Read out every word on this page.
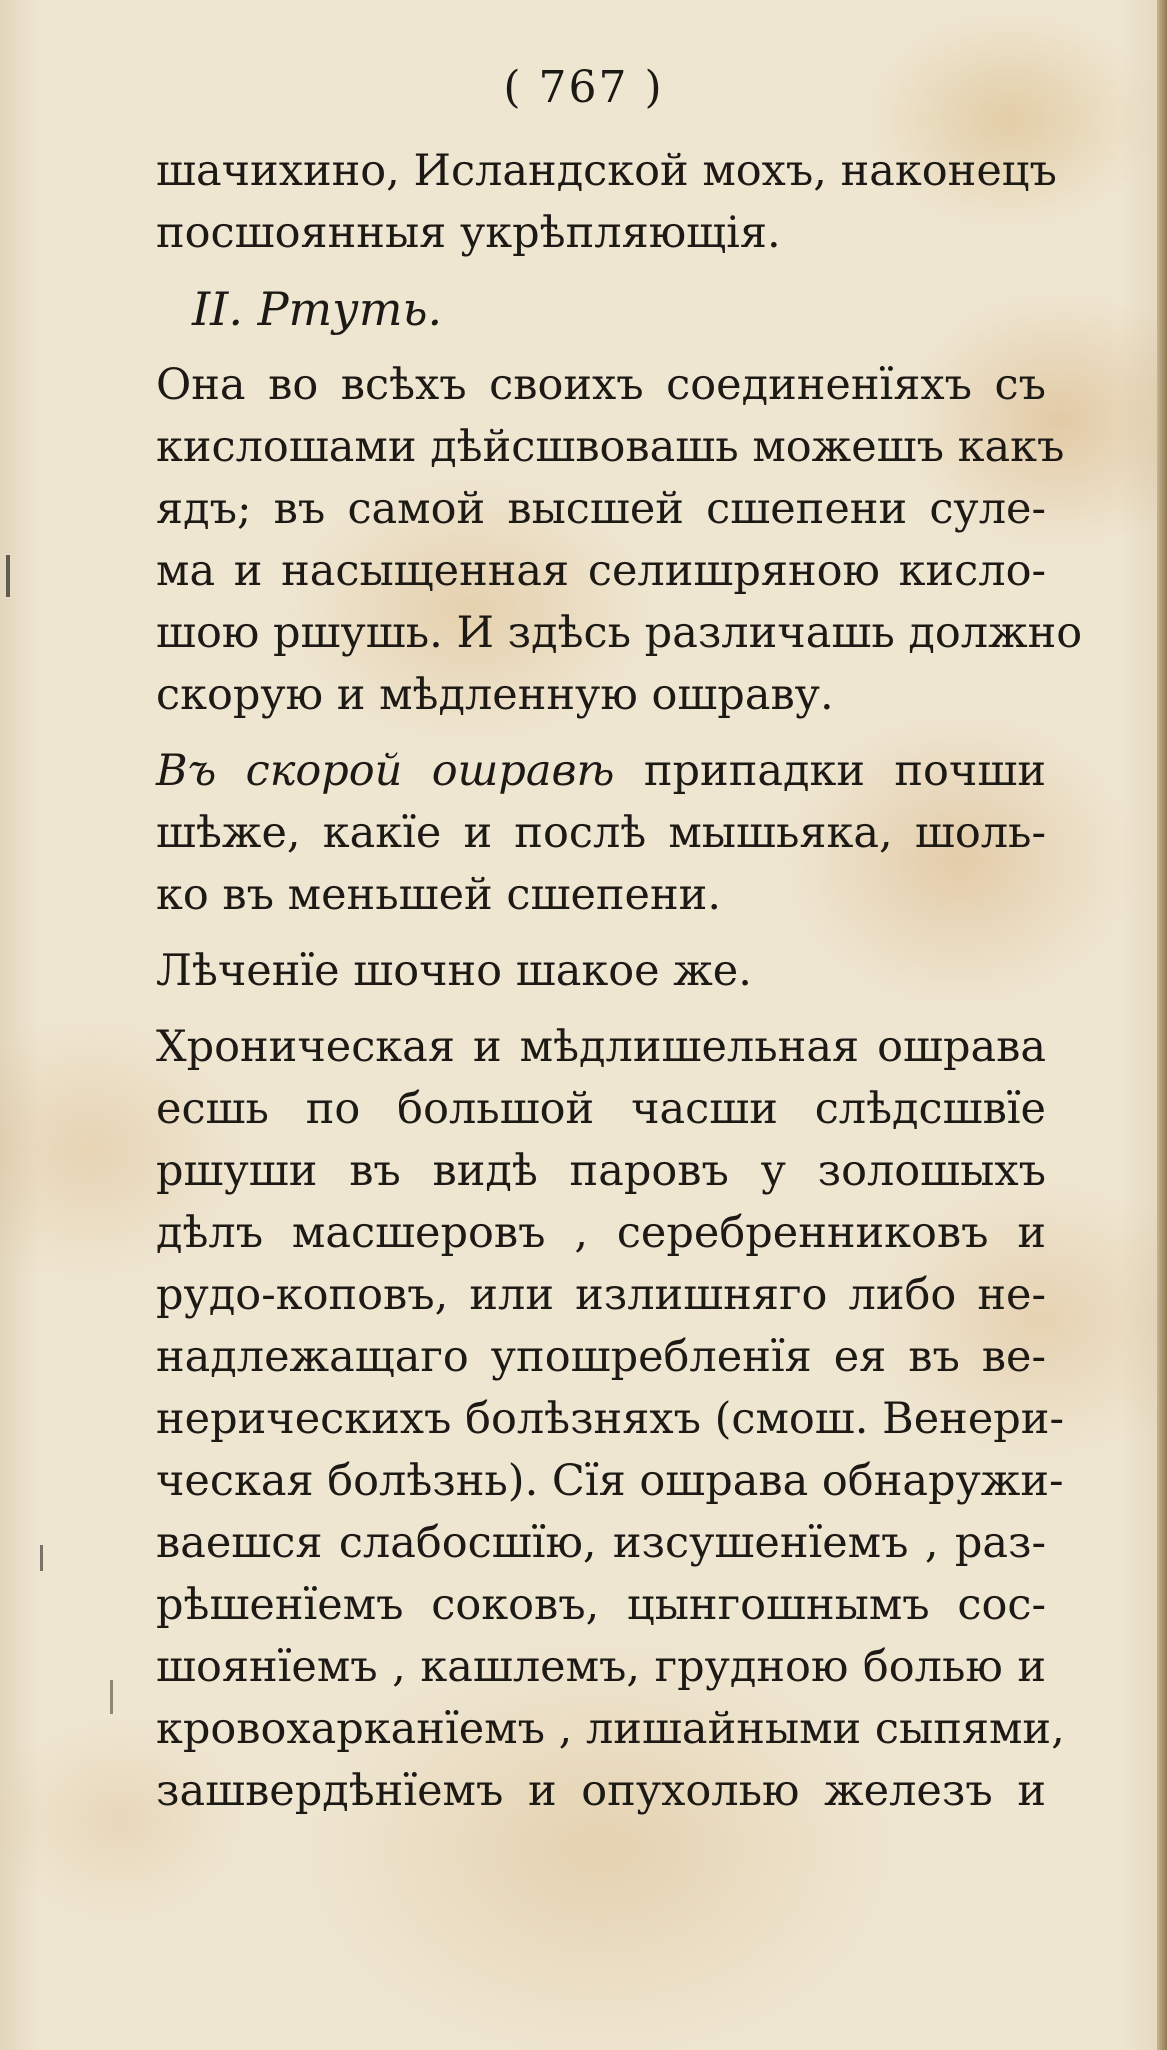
( 767 )
шачихино, Исландской мохъ, наконецъ
посшоянныя укрѣпляющія.
II. Ртуть.
Она во всѣхъ своихъ соединенїяхъ съ
кислошами дѣйсшвовашь можешъ какъ
ядъ; въ самой высшей сшепени суле-
ма и насыщенная селишряною кисло-
шою ршушь. И здѣсь различашь должно
скорую и мѣдленную ошраву.
Въ скорой ошравѣ припадки почши
шѣже, какїе и послѣ мышьяка, шоль-
ко въ меньшей сшепени.
Лѣченїе шочно шакое же.
Хроническая и мѣдлишельная ошрава
есшь по большой часши слѣдсшвїе
ршуши въ видѣ паровъ у золошыхъ
дѣлъ масшеровъ , серебренниковъ и
рудо-коповъ, или излишняго либо не-
надлежащаго упошребленїя ея въ ве-
нерическихъ болѣзняхъ (смош. Венери-
ческая болѣзнь). Сїя ошрава обнаружи-
ваешся слабосшїю, изсушенїемъ , раз-
рѣшенїемъ соковъ, цынгошнымъ сос-
шоянїемъ , кашлемъ, грудною болью и
кровохарканїемъ , лишайными сыпями,
зашвердѣнїемъ и опухолью железъ и
